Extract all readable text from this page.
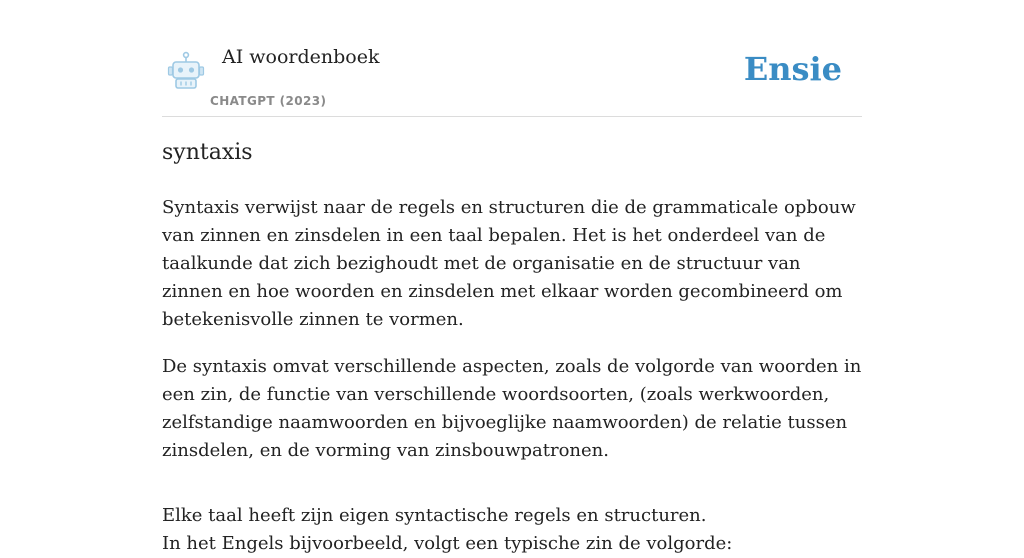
AI woordenboek
CHATGPT (2023)
Ensie
syntaxis

Syntaxis verwijst naar de regels en structuren die de grammaticale opbouw van zinnen en zinsdelen in een taal bepalen. Het is het onderdeel van de taalkunde dat zich bezighoudt met de organisatie en de structuur van zinnen en hoe woorden en zinsdelen met elkaar worden gecombineerd om betekenisvolle zinnen te vormen.

De syntaxis omvat verschillende aspecten, zoals de volgorde van woorden in een zin, de functie van verschillende woordsoorten, (zoals werkwoorden, zelfstandige naamwoorden en bijvoeglijke naamwoorden) de relatie tussen zinsdelen, en de vorming van zinsbouwpatronen.

Elke taal heeft zijn eigen syntactische regels en structuren.
In het Engels bijvoorbeeld, volgt een typische zin de volgorde:
